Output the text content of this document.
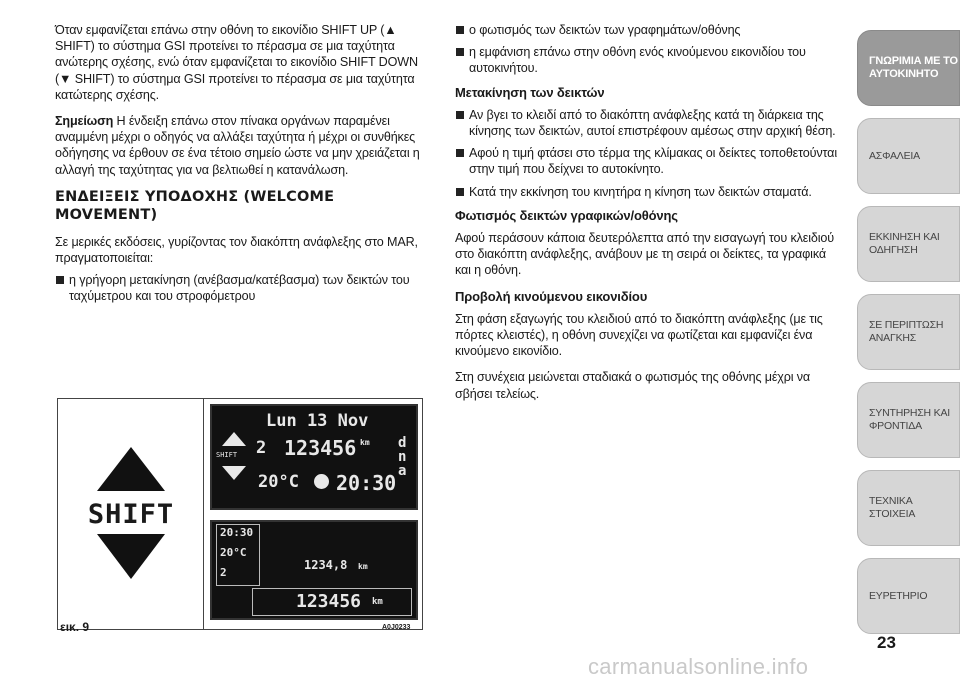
Όταν εμφανίζεται επάνω στην οθόνη το εικονίδιο SHIFT UP (▲ SHIFT) το σύστημα GSI προτείνει το πέρασμα σε μια ταχύτητα ανώτερης σχέσης, ενώ όταν εμφανίζεται το εικονίδιο SHIFT DOWN (▼ SHIFT) το σύστημα GSI προτείνει το πέρασμα σε μια ταχύτητα κατώτερης σχέσης.

Σημείωση Η ένδειξη επάνω στον πίνακα οργάνων παραμένει αναμμένη μέχρι ο οδηγός να αλλάξει ταχύτητα ή μέχρι οι συνθήκες οδήγησης να έρθουν σε ένα τέτοιο σημείο ώστε να μην χρειάζεται η αλλαγή της ταχύτητας για να βελτιωθεί η κατανάλωση.

ΕΝΔΕΙΞΕΙΣ ΥΠΟΔΟΧΗΣ (WELCOME MOVEMENT)

Σε μερικές εκδόσεις, γυρίζοντας τον διακόπτη ανάφλεξης στο MAR, πραγματοποιείται:

η γρήγορη μετακίνηση (ανέβασμα/κατέβασμα) των δεικτών του ταχύμετρου και του στροφόμετρου
ο φωτισμός των δεικτών των γραφημάτων/οθόνης
η εμφάνιση επάνω στην οθόνη ενός κινούμενου εικονιδίου του αυτοκινήτου.
Μετακίνηση των δεικτών
Αν βγει το κλειδί από το διακόπτη ανάφλεξης κατά τη διάρκεια της κίνησης των δεικτών, αυτοί επιστρέφουν αμέσως στην αρχική θέση.
Αφού η τιμή φτάσει στο τέρμα της κλίμακας οι δείκτες τοποθετούνται στην τιμή που δείχνει το αυτοκίνητο.
Κατά την εκκίνηση του κινητήρα η κίνηση των δεικτών σταματά.
Φωτισμός δεικτών γραφικών/οθόνης

Αφού περάσουν κάποια δευτερόλεπτα από την εισαγωγή του κλειδιού στο διακόπτη ανάφλεξης, ανάβουν με τη σειρά οι δείκτες, τα γραφικά και η οθόνη.

Προβολή κινούμενου εικονιδίου

Στη φάση εξαγωγής του κλειδιού από το διακόπτη ανάφλεξης (με τις πόρτες κλειστές), η οθόνη συνεχίζει να φωτίζεται και εμφανίζει ένα κινούμενο εικονίδιο.

Στη συνέχεια μειώνεται σταδιακά ο φωτισμός της οθόνης μέχρι να σβήσει τελείως.

SHIFT
Lun 13 Nov
SHIFT 2 123456 km d n a
20°C 20:30
20:30
20°C
2
1234,8 km
123456 km
εικ. 9	A0J0233
ΓΝΩΡΙΜΙΑ ΜΕ ΤΟ ΑΥΤΟΚΙΝΗΤΟ
ΑΣΦΑΛΕΙΑ
ΕΚΚΙΝΗΣΗ ΚΑΙ ΟΔΗΓΗΣΗ
ΣΕ ΠΕΡΙΠΤΩΣΗ ΑΝΑΓΚΗΣ
ΣΥΝΤΗΡΗΣΗ ΚΑΙ ΦΡΟΝΤΙΔΑ
ΤΕΧΝΙΚΑ ΣΤΟΙΧΕΙΑ
ΕΥΡΕΤΗΡΙΟ
23
carmanualsonline.info
